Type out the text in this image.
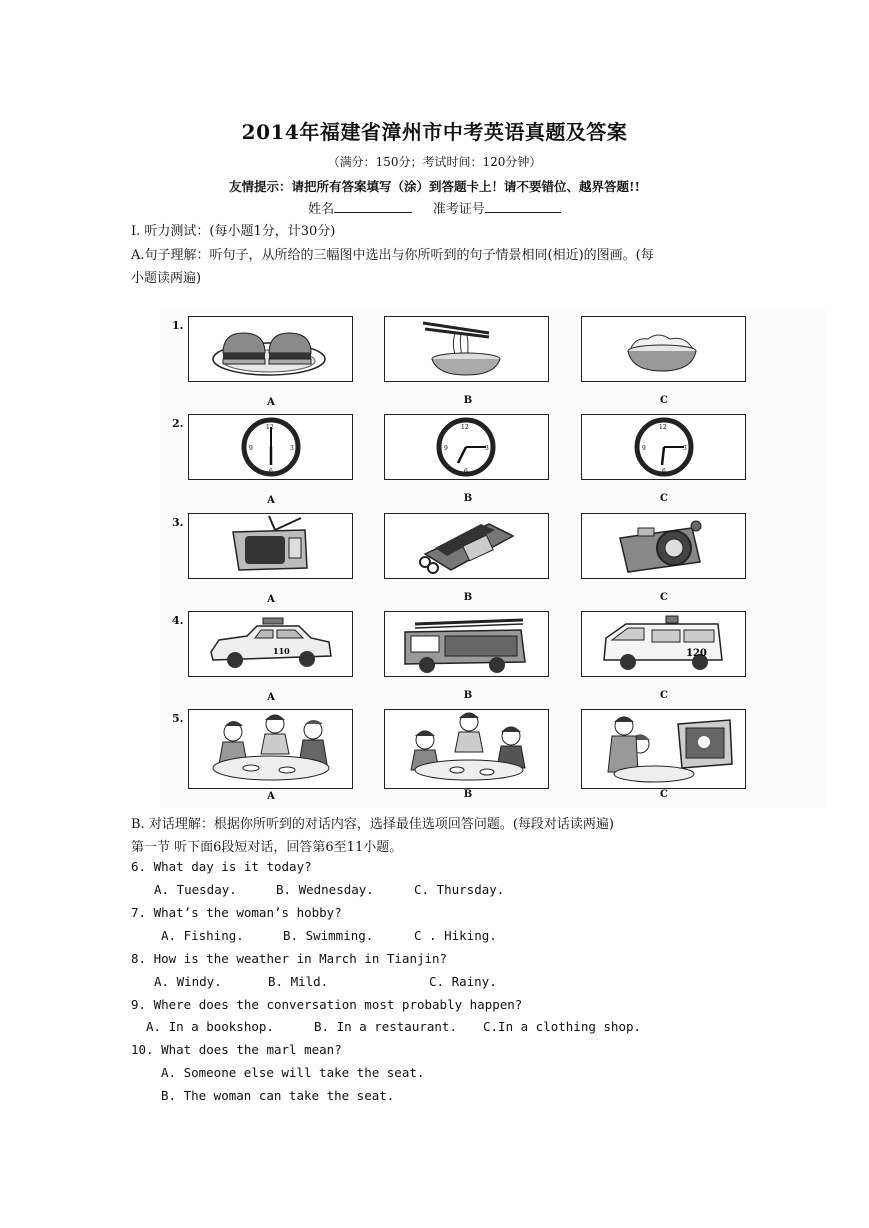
2014年福建省漳州市中考英语真题及答案
（满分：150分；考试时间：120分钟）
友情提示：请把所有答案填写（涂）到答题卡上！请不要错位、越界答题!!
姓名	准考证号
Ⅰ. 听力测试：(每小题1分，计30分)
A.句子理解：听句子，从所给的三幅图中选出与你所听到的句子情景相同(相近)的图画。(每
小题读两遍)
1.
2.
3.
4.
5.
A	B	C
12
6
9	3
12
6
9	3
12
6
9	3
A	B	C
A	B	C
110	120
A	B	C
A	B	C
B. 对话理解：根据你所听到的对话内容，选择最佳选项回答问题。(每段对话读两遍)
第一节 听下面6段短对话，回答第6至11小题。
6. What day is it today?
A. Tuesday.	B. Wednesday.	C. Thursday.
7. What’s the woman’s hobby?
A. Fishing.	B. Swimming.	C . Hiking.
8. How is the weather in March in Tianjin?
A. Windy.	B. Mild.	C. Rainy.
9. Where does the conversation most probably happen?
A. In a bookshop.	B. In a restaurant. C.In a clothing shop.
10. What does the marl mean?
A. Someone else will take the seat.
B. The woman can take the seat.
